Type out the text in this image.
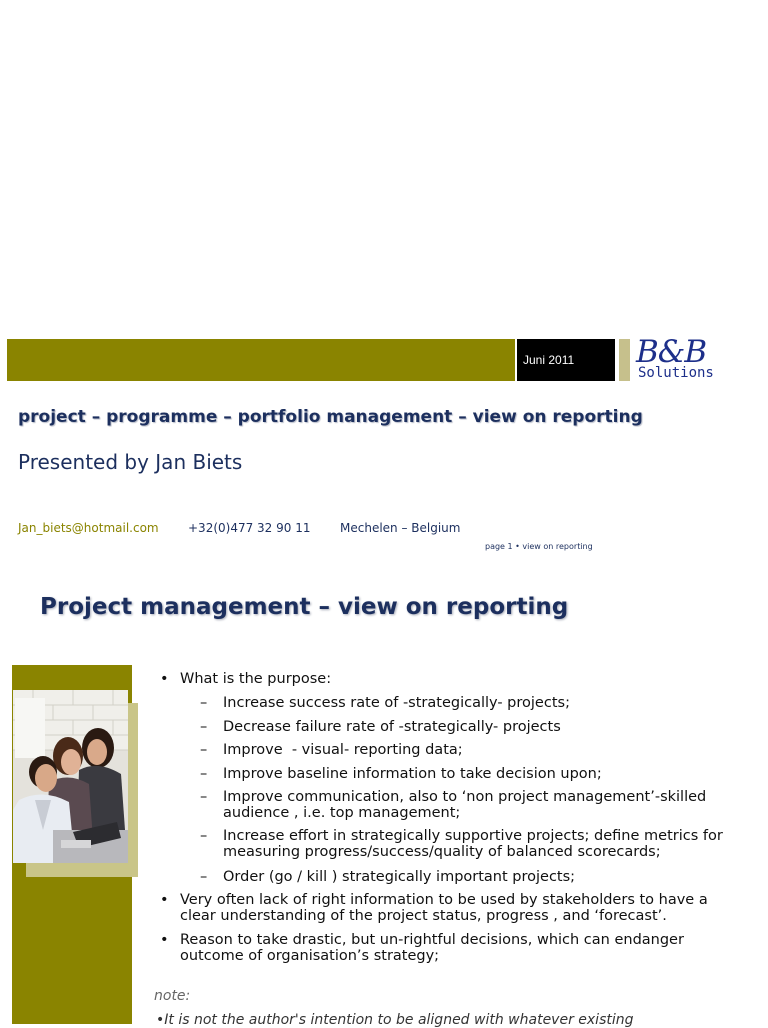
Juni 2011 B&B
Solutions
project – programme – portfolio management – view on reporting
Presented by Jan Biets
Jan_biets@hotmail.com +32(0)477 32 90 11 Mechelen – Belgium
page 1 • view on reporting
Project management – view on reporting
• What is the purpose:
– Increase success rate of -strategically- projects;
– Decrease failure rate of -strategically- projects
– Improve  - visual- reporting data;
– Improve baseline information to take decision upon;
– Improve communication, also to ‘non project management’-skilled audience , i.e. top management;
– Increase effort in strategically supportive projects; define metrics for measuring progress/success/quality of balanced scorecards;
– Order (go / kill ) strategically important projects;
• Very often lack of right information to be used by stakeholders to have a clear understanding of the project status, progress , and ‘forecast’.
• Reason to take drastic, but un-rightful decisions, which can endanger outcome of organisation’s strategy;
note:
•It is not the author's intention to be aligned with whatever existing
